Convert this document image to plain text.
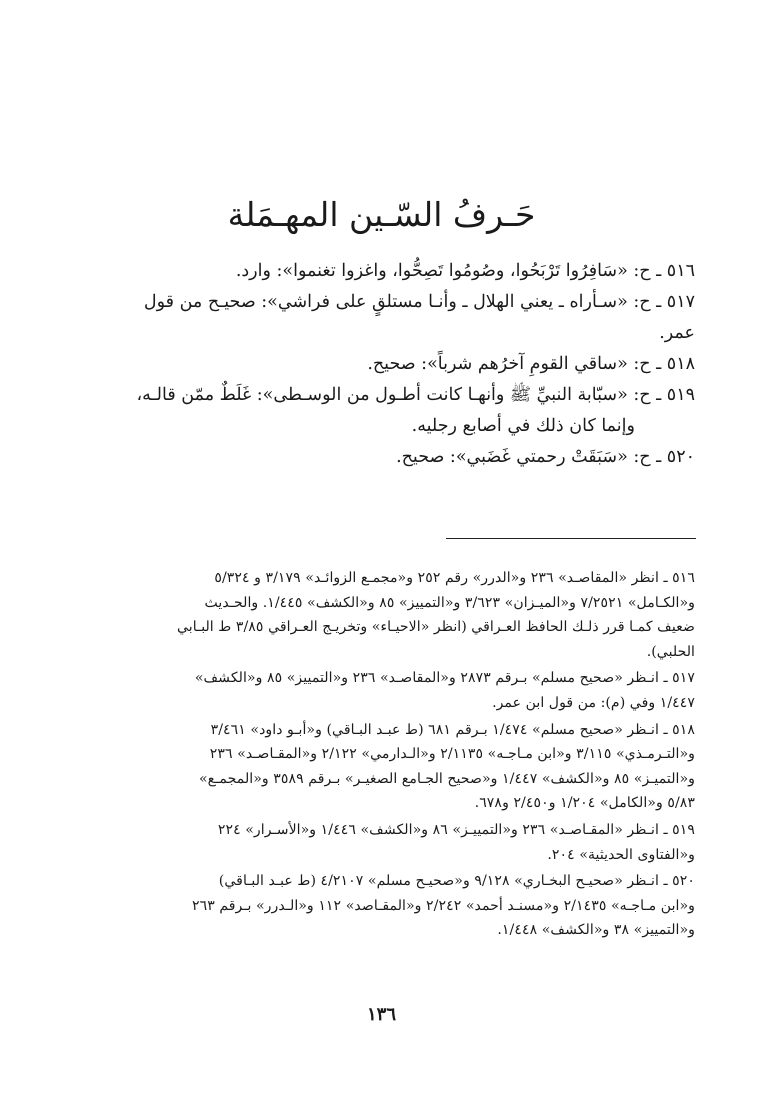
حَـرفُ السّـين المهـمَلة
٥١٦ ـ ح: «سَافِرُوا تَرْبَحُوا، وصُومُوا تَصِحُّوا، واغزوا تغنموا»: وارد.
٥١٧ ـ ح: «سـأراه ـ يعني الهلال ـ وأنـا مستلقٍ على فراشي»: صحيـح من قول
عمر.
٥١٨ ـ ح: «ساقي القومِ آخرُهم شرباً»: صحيح.
٥١٩ ـ ح: «سبّابة النبيِّ ﷺ وأنهـا كانت أطـول من الوسـطى»: غَلَطٌ ممّن قالـه،
وإنما كان ذلك في أصابع رجليه.
٥٢٠ ـ ح: «سَبَقَتْ رحمتي غَضَبي»: صحيح.
٥١٦ ـ انظر «المقاصـد» ٢٣٦ و«الدرر» رقم ٢٥٢ و«مجمـع الزوائـد» ٣/١٧٩ و ٥/٣٢٤
و«الكـامل» ٧/٢٥٢١ و«الميـزان» ٣/٦٢٣ و«التمييز» ٨٥ و«الكشف» ١/٤٤٥. والحـديث
ضعيف كمـا قرر ذلـك الحافظ العـراقي (انظر «الاحيـاء» وتخريـج العـراقي ٣/٨٥ ط البـابي
الحلبي).
٥١٧ ـ انـظر «صحيح مسلم» بـرقم ٢٨٧٣ و«المقاصـد» ٢٣٦ و«التمييز» ٨٥ و«الكشف»
١/٤٤٧ وفي (م): من قول ابن عمر.
٥١٨ ـ انـظر «صحيح مسلم» ١/٤٧٤ بـرقم ٦٨١ (ط عبـد البـاقي) و«أبـو داود» ٣/٤٦١
و«التـرمـذي» ٣/١١٥ و«ابن مـاجـه» ٢/١١٣٥ و«الـدارمي» ٢/١٢٢ و«المقـاصـد» ٢٣٦
و«التميـز» ٨٥ و«الكشف» ١/٤٤٧ و«صحيح الجـامع الصغيـر» بـرقم ٣٥٨٩ و«المجمـع»
٥/٨٣ و«الكامل» ١/٢٠٤ و٢/٤٥٠ و٦٧٨.
٥١٩ ـ انـظر «المقـاصـد» ٢٣٦ و«التمييـز» ٨٦ و«الكشف» ١/٤٤٦ و«الأسـرار» ٢٢٤
و«الفتاوى الحديثية» ٢٠٤.
٥٢٠ ـ انـظر «صحيـح البخـاري» ٩/١٢٨ و«صحيـح مسلم» ٤/٢١٠٧ (ط عبـد البـاقي)
و«ابن مـاجـه» ٢/١٤٣٥ و«مسنـد أحمد» ٢/٢٤٢ و«المقـاصد» ١١٢ و«الـدرر» بـرقم ٢٦٣
و«التمييز» ٣٨ و«الكشف» ١/٤٤٨.
١٣٦
